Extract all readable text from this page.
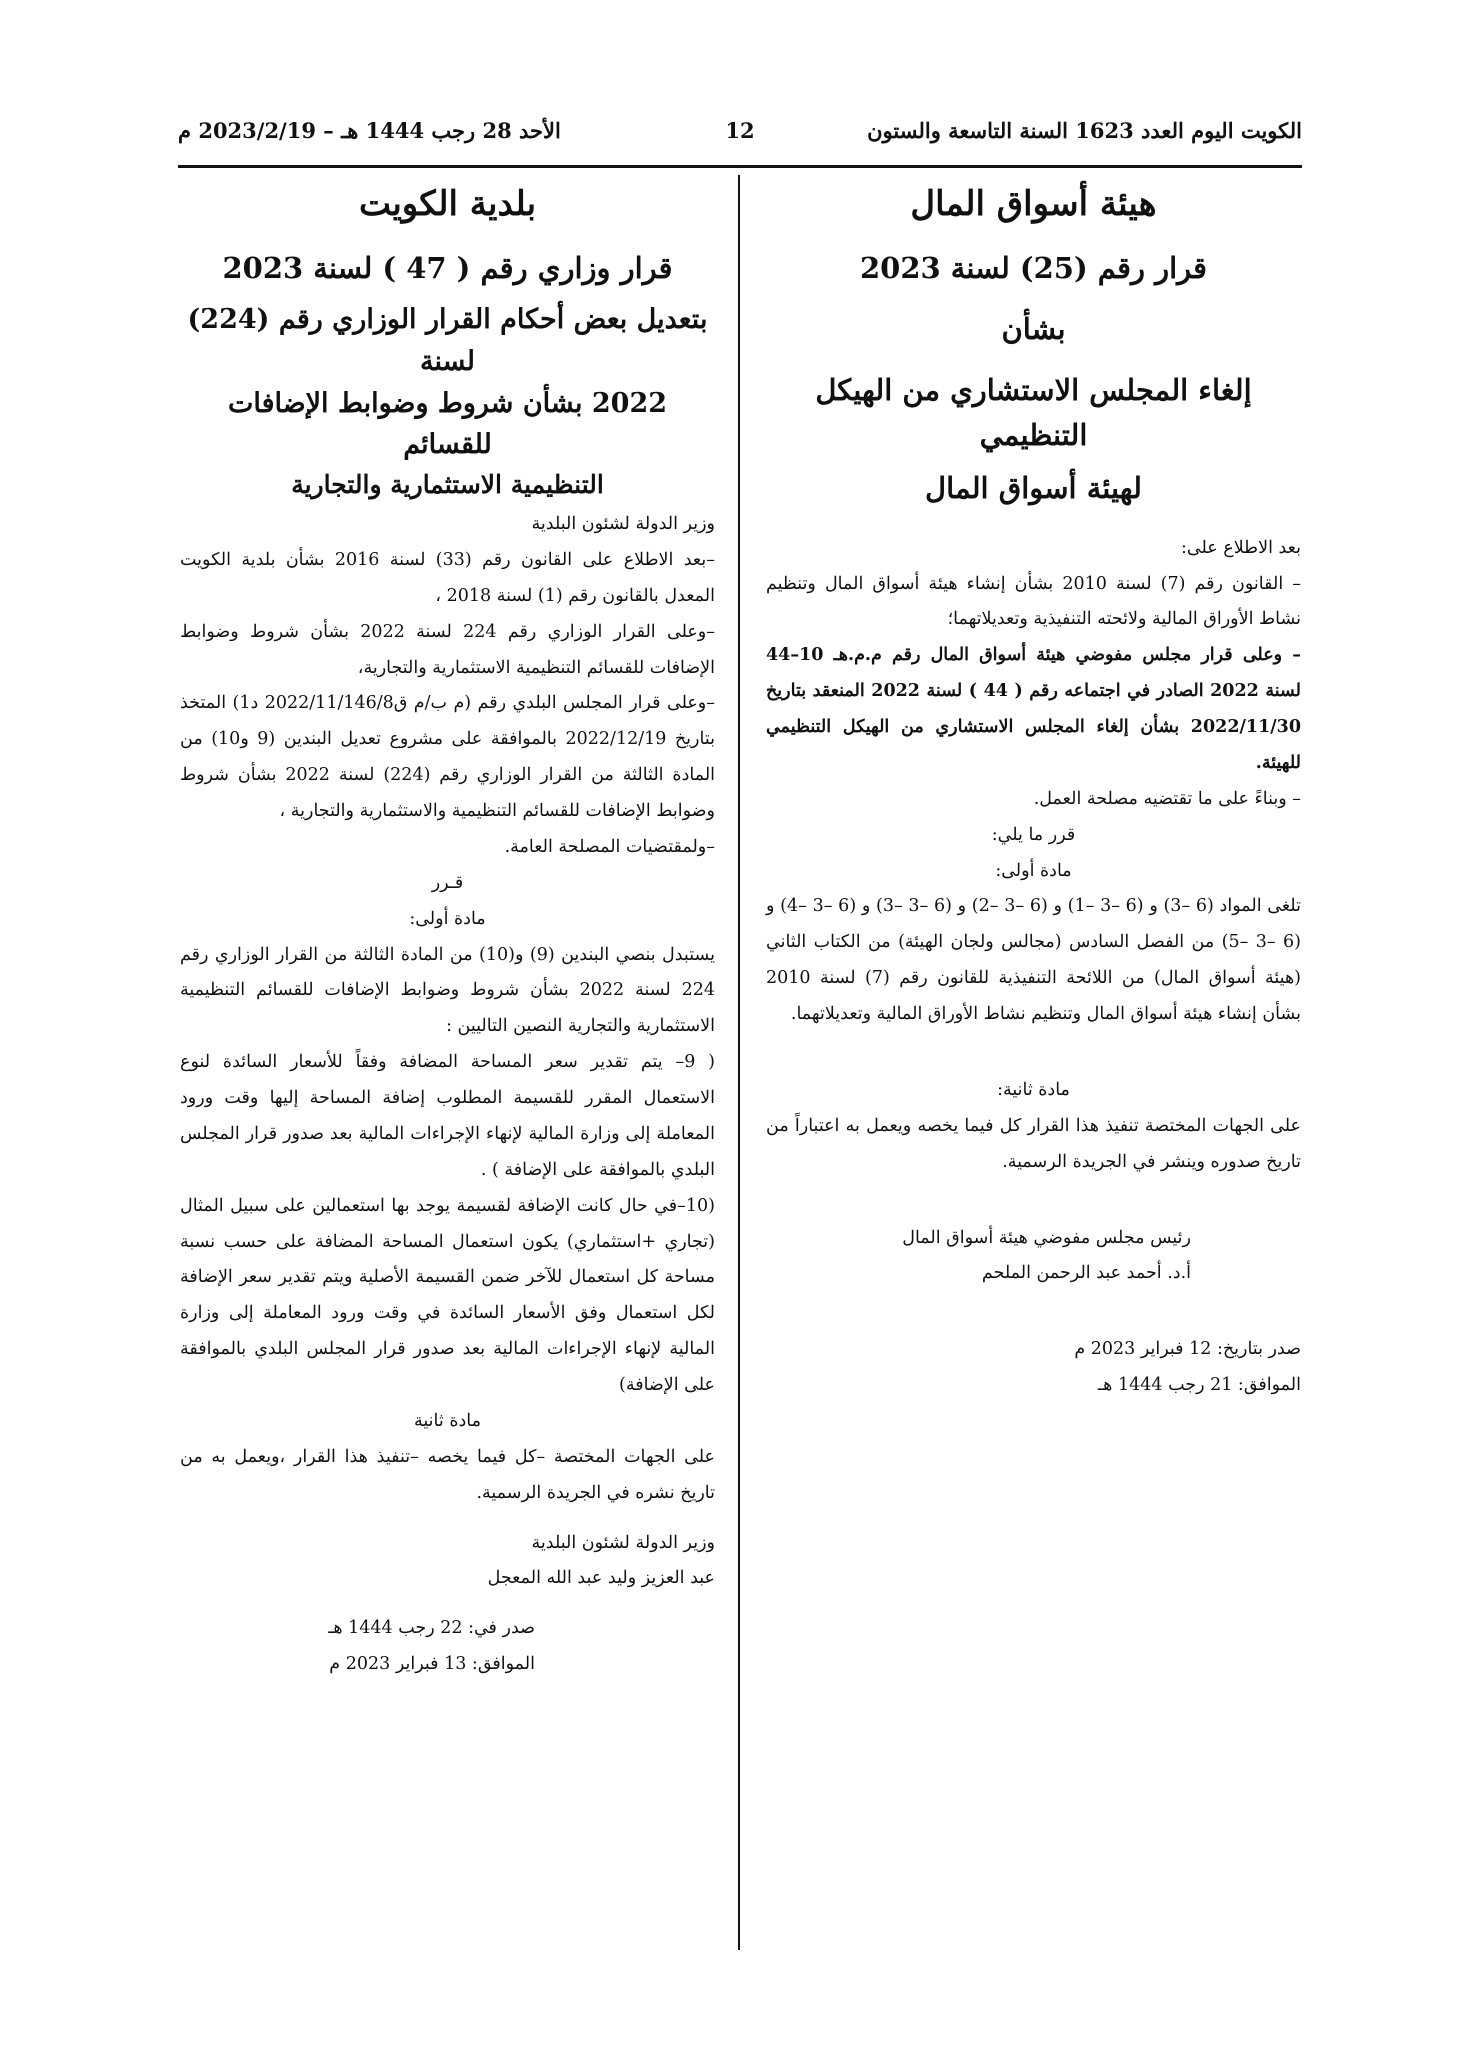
الكويت اليوم العدد 1623 السنة التاسعة والستون
12
الأحد 28 رجب 1444 هـ – 2023/2/19 م
هيئة أسواق المال
قرار رقم (25) لسنة 2023
بشأن
إلغاء المجلس الاستشاري من الهيكل التنظيمي
لهيئة أسواق المال

بعد الاطلاع على:

– القانون رقم (7) لسنة 2010 بشأن إنشاء هيئة أسواق المال وتنظيم نشاط الأوراق المالية ولائحته التنفيذية وتعديلاتهما؛

– وعلى قرار مجلس مفوضي هيئة أسواق المال رقم م.م.هـ 10–44 لسنة 2022 الصادر في اجتماعه رقم ( 44 ) لسنة 2022 المنعقد بتاريخ 2022/11/30 بشأن إلغاء المجلس الاستشاري من الهيكل التنظيمي للهيئة.

– وبناءً على ما تقتضيه مصلحة العمل.

قرر ما يلي:

مادة أولى:

تلغى المواد (6 –3) و (6 –3 –1) و (6 –3 –2) و (6 –3 –3) و (6 –3 –4) و (6 –3 –5) من الفصل السادس (مجالس ولجان الهيئة) من الكتاب الثاني (هيئة أسواق المال) من اللائحة التنفيذية للقانون رقم (7) لسنة 2010 بشأن إنشاء هيئة أسواق المال وتنظيم نشاط الأوراق المالية وتعديلاتهما.

مادة ثانية:

على الجهات المختصة تنفيذ هذا القرار كل فيما يخصه ويعمل به اعتباراً من تاريخ صدوره وينشر في الجريدة الرسمية.

رئيس مجلس مفوضي هيئة أسواق المال

أ.د. أحمد عبد الرحمن الملحم

صدر بتاريخ: 12 فبراير 2023 م

الموافق: 21 رجب 1444 هـ

بلدية الكويت
قرار وزاري رقم ( 47 ) لسنة 2023
بتعديل بعض أحكام القرار الوزاري رقم (224) لسنة
2022 بشأن شروط وضوابط الإضافات للقسائم
التنظيمية الاستثمارية والتجارية

وزير الدولة لشئون البلدية

–بعد الاطلاع على القانون رقم (33) لسنة 2016 بشأن بلدية الكويت المعدل بالقانون رقم (1) لسنة 2018 ،

–وعلى القرار الوزاري رقم 224 لسنة 2022 بشأن شروط وضوابط الإضافات للقسائم التنظيمية الاستثمارية والتجارية،

–وعلى قرار المجلس البلدي رقم (م ب/م ق2022/11/146/8 د1) المتخذ بتاريخ 2022/12/19 بالموافقة على مشروع تعديل البندين (9 و10) من المادة الثالثة من القرار الوزاري رقم (224) لسنة 2022 بشأن شروط وضوابط الإضافات للقسائم التنظيمية والاستثمارية والتجارية ،

–ولمقتضيات المصلحة العامة.

قـرر

مادة أولى:

يستبدل بنصي البندين (9) و(10) من المادة الثالثة من القرار الوزاري رقم 224 لسنة 2022 بشأن شروط وضوابط الإضافات للقسائم التنظيمية الاستثمارية والتجارية النصين التاليين :

( 9– يتم تقدير سعر المساحة المضافة وفقاً للأسعار السائدة لنوع الاستعمال المقرر للقسيمة المطلوب إضافة المساحة إليها وقت ورود المعاملة إلى وزارة المالية لإنهاء الإجراءات المالية بعد صدور قرار المجلس البلدي بالموافقة على الإضافة ) .

(10–في حال كانت الإضافة لقسيمة يوجد بها استعمالين على سبيل المثال (تجاري +استثماري) يكون استعمال المساحة المضافة على حسب نسبة مساحة كل استعمال للآخر ضمن القسيمة الأصلية ويتم تقدير سعر الإضافة لكل استعمال وفق الأسعار السائدة في وقت ورود المعاملة إلى وزارة المالية لإنهاء الإجراءات المالية بعد صدور قرار المجلس البلدي بالموافقة على الإضافة)

مادة ثانية

على الجهات المختصة –كل فيما يخصه –تنفيذ هذا القرار ،ويعمل به من تاريخ نشره في الجريدة الرسمية.

وزير الدولة لشئون البلدية

عبد العزيز وليد عبد الله المعجل

صدر في: 22 رجب 1444 هـ

الموافق: 13 فبراير 2023 م
